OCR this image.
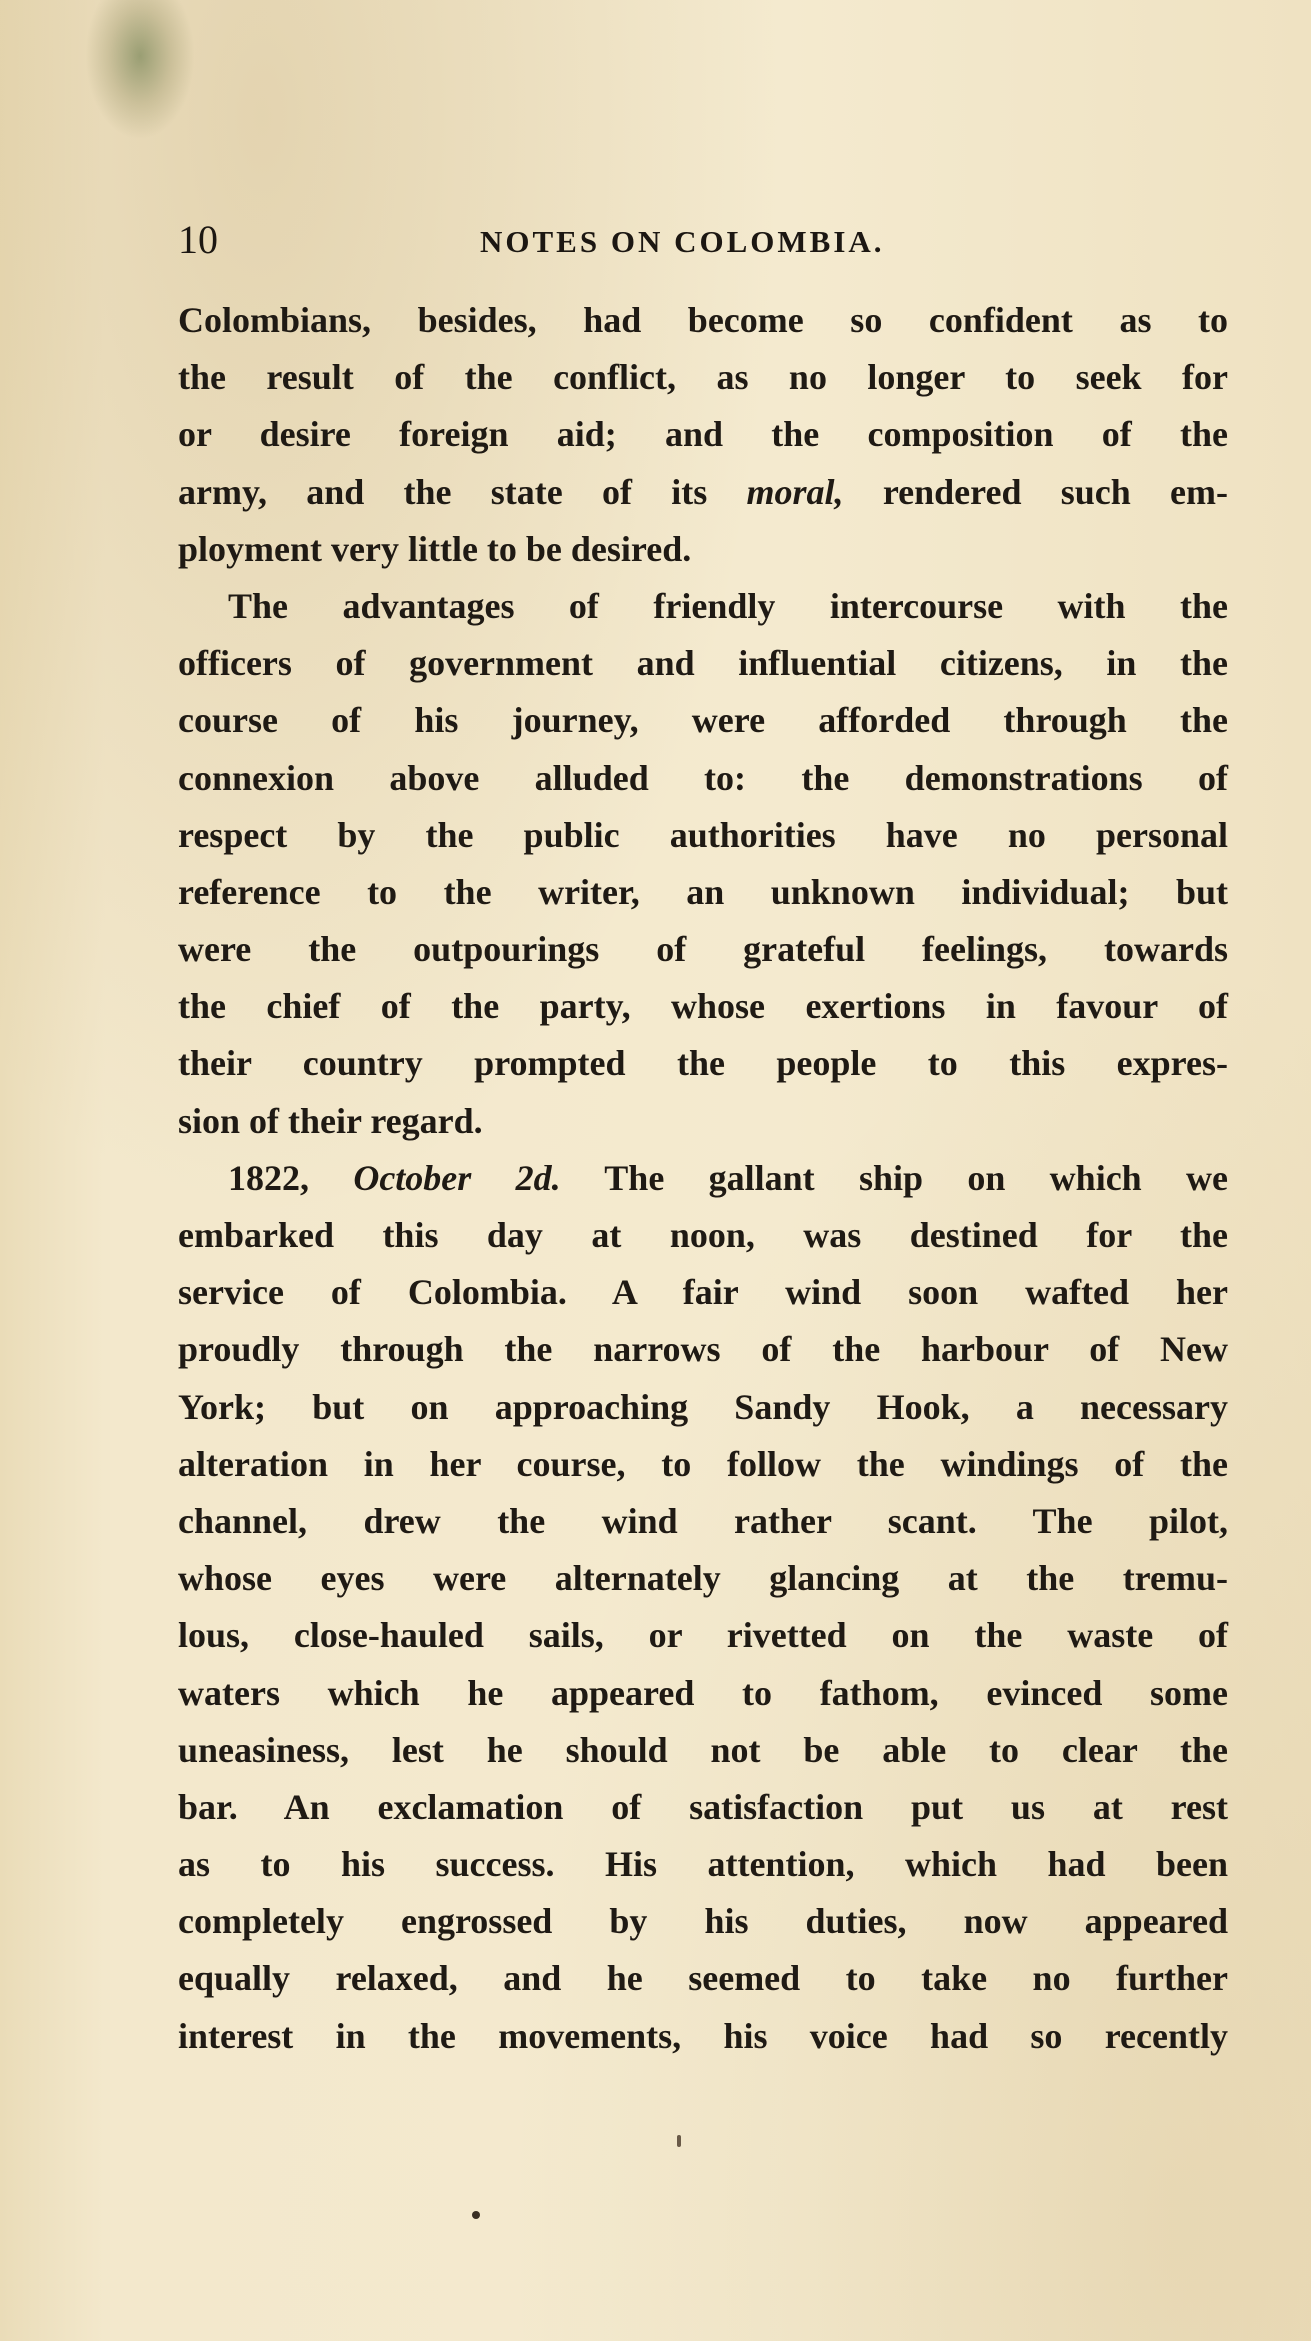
10	NOTES ON COLOMBIA.
Colombians, besides, had become so confident as to
the result of the conflict, as no longer to seek for
or desire foreign aid; and the composition of the
army, and the state of its moral, rendered such em-
ployment very little to be desired.
The advantages of friendly intercourse with the
officers of government and influential citizens, in the
course of his journey, were afforded through the
connexion above alluded to: the demonstrations of
respect by the public authorities have no personal
reference to the writer, an unknown individual; but
were the outpourings of grateful feelings, towards
the chief of the party, whose exertions in favour of
their country prompted the people to this expres-
sion of their regard.
1822, October 2d. The gallant ship on which we
embarked this day at noon, was destined for the
service of Colombia. A fair wind soon wafted her
proudly through the narrows of the harbour of New
York; but on approaching Sandy Hook, a necessary
alteration in her course, to follow the windings of the
channel, drew the wind rather scant. The pilot,
whose eyes were alternately glancing at the tremu-
lous, close-hauled sails, or rivetted on the waste of
waters which he appeared to fathom, evinced some
uneasiness, lest he should not be able to clear the
bar. An exclamation of satisfaction put us at rest
as to his success. His attention, which had been
completely engrossed by his duties, now appeared
equally relaxed, and he seemed to take no further
interest in the movements, his voice had so recently
